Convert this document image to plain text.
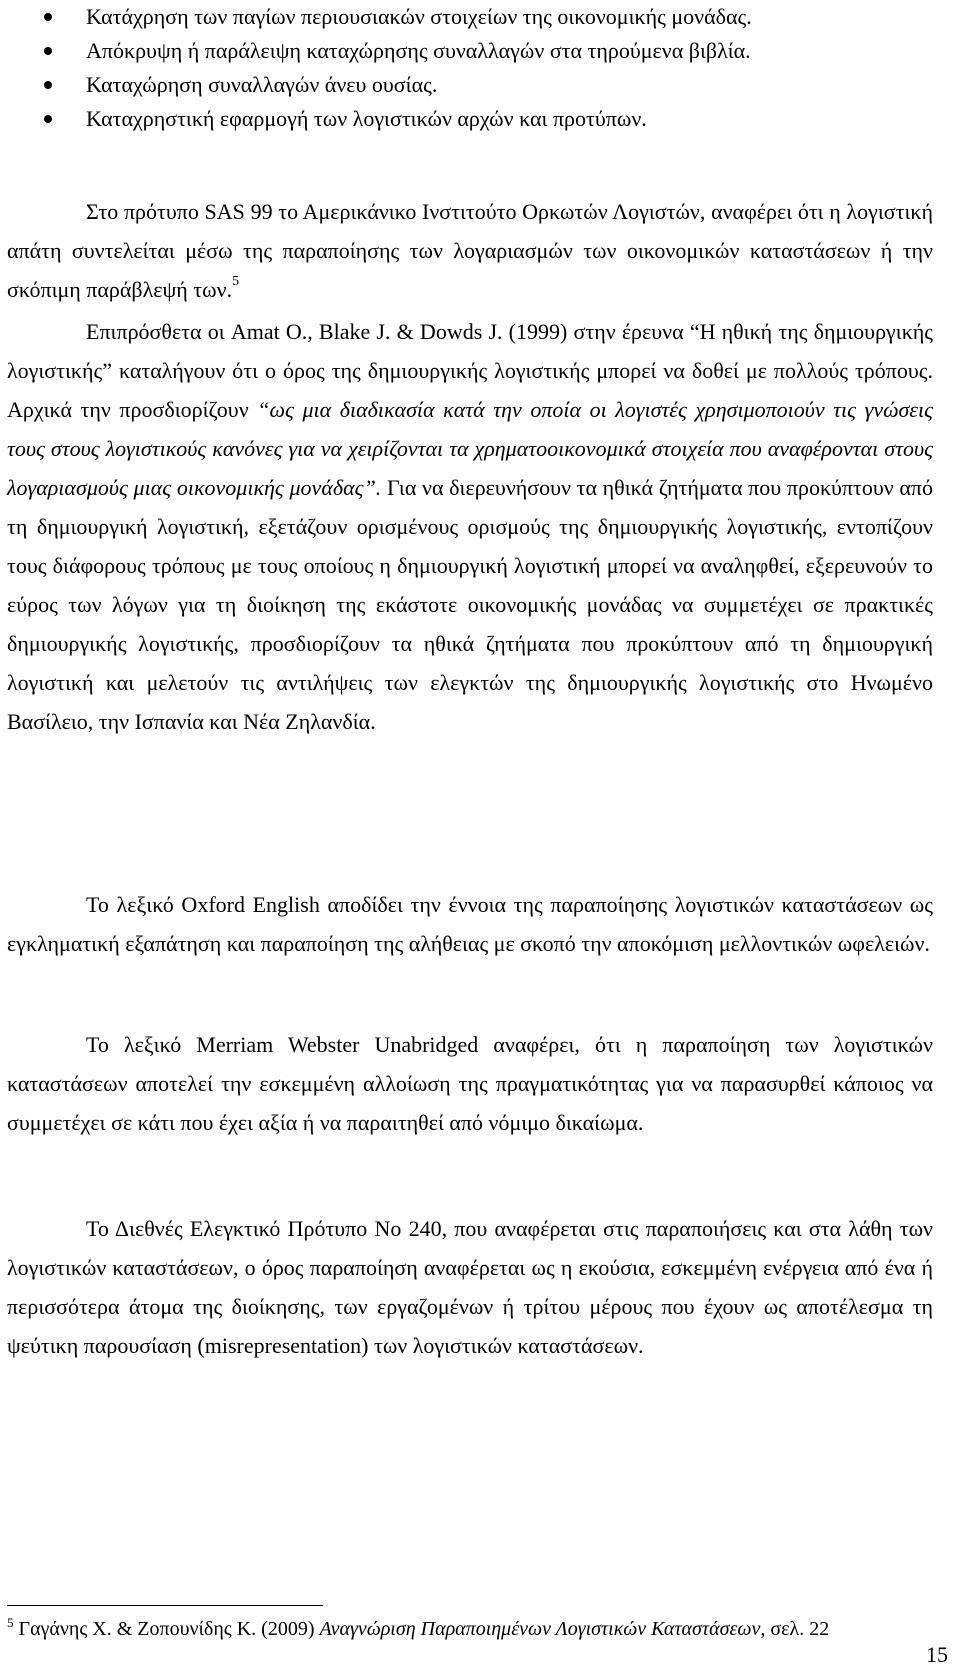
Κατάχρηση των παγίων περιουσιακών στοιχείων της οικονομικής μονάδας.
Απόκρυψη ή παράλειψη καταχώρησης συναλλαγών στα τηρούμενα βιβλία.
Καταχώρηση συναλλαγών άνευ ουσίας.
Καταχρηστική εφαρμογή των λογιστικών αρχών και προτύπων.

Στο πρότυπο SAS 99 το Αμερικάνικο Ινστιτούτο Ορκωτών Λογιστών, αναφέρει ότι η λογιστική απάτη συντελείται μέσω της παραποίησης των λογαριασμών των οικονομικών καταστάσεων ή την σκόπιμη παράβλεψή των.$^5$

Επιπρόσθετα οι Amat O., Blake J. & Dowds J. (1999) στην έρευνα “Η ηθική της δημιουργικής λογιστικής” καταλήγουν ότι ο όρος της δημιουργικής λογιστικής μπορεί να δοθεί με πολλούς τρόπους. Αρχικά την προσδιορίζουν “ως μια διαδικασία κατά την οποία οι λογιστές χρησιμοποιούν τις γνώσεις τους στους λογιστικούς κανόνες για να χειρίζονται τα χρηματοοικονομικά στοιχεία που αναφέρονται στους λογαριασμούς μιας οικονομικής μονάδας”. Για να διερευνήσουν τα ηθικά ζητήματα που προκύπτουν από τη δημιουργική λογιστική, εξετάζουν ορισμένους ορισμούς της δημιουργικής λογιστικής, εντοπίζουν τους διάφορους τρόπους με τους οποίους η δημιουργική λογιστική μπορεί να αναληφθεί, εξερευνούν το εύρος των λόγων για τη διοίκηση της εκάστοτε οικονομικής μονάδας να συμμετέχει σε πρακτικές δημιουργικής λογιστικής, προσδιορίζουν τα ηθικά ζητήματα που προκύπτουν από τη δημιουργική λογιστική και μελετούν τις αντιλήψεις των ελεγκτών της δημιουργικής λογιστικής στο Ηνωμένο Βασίλειο, την Ισπανία και Νέα Ζηλανδία.

Το λεξικό Oxford English αποδίδει την έννοια της παραποίησης λογιστικών καταστάσεων ως εγκληματική εξαπάτηση και παραποίηση της αλήθειας με σκοπό την αποκόμιση μελλοντικών ωφελειών.

Το λεξικό Merriam Webster Unabridged αναφέρει, ότι η παραποίηση των λογιστικών καταστάσεων αποτελεί την εσκεμμένη αλλοίωση της πραγματικότητας για να παρασυρθεί κάποιος να συμμετέχει σε κάτι που έχει αξία ή να παραιτηθεί από νόμιμο δικαίωμα.

Το Διεθνές Ελεγκτικό Πρότυπο Νο 240, που αναφέρεται στις παραποιήσεις και στα λάθη των λογιστικών καταστάσεων, ο όρος παραποίηση αναφέρεται ως η εκούσια, εσκεμμένη ενέργεια από ένα ή περισσότερα άτομα της διοίκησης, των εργαζομένων ή τρίτου μέρους που έχουν ως αποτέλεσμα τη ψεύτικη παρουσίαση (misrepresentation) των λογιστικών καταστάσεων.

$^5$ Γαγάνης Χ. & Ζοπουνίδης Κ. (2009) Αναγνώριση Παραποιημένων Λογιστικών Καταστάσεων, σελ. 22
15
